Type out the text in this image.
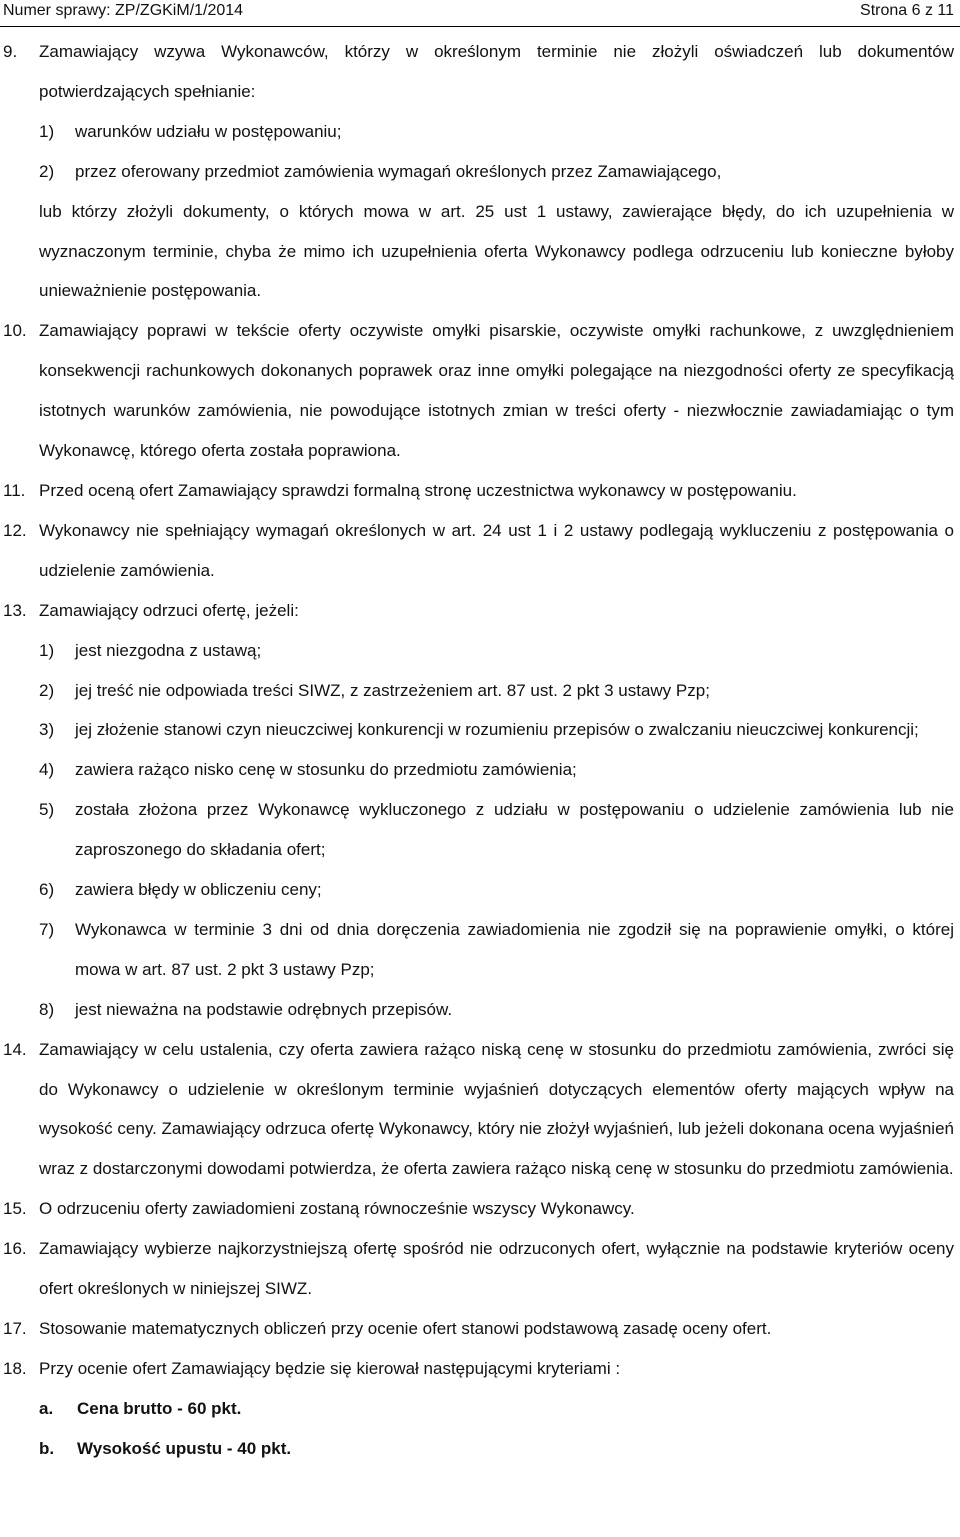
Numer sprawy: ZP/ZGKiM/1/2014	Strona 6 z 11
9. Zamawiający wzywa Wykonawców, którzy w określonym terminie nie złożyli oświadczeń lub dokumentów potwierdzających spełnianie:

1) warunków udziału w postępowaniu;

2) przez oferowany przedmiot zamówienia wymagań określonych przez Zamawiającego,

lub którzy złożyli dokumenty, o których mowa w art. 25 ust 1 ustawy, zawierające błędy, do ich uzupełnienia w wyznaczonym terminie, chyba że mimo ich uzupełnienia oferta Wykonawcy podlega odrzuceniu lub konieczne byłoby unieważnienie postępowania.

10. Zamawiający poprawi w tekście oferty oczywiste omyłki pisarskie, oczywiste omyłki rachunkowe, z uwzględnieniem konsekwencji rachunkowych dokonanych poprawek oraz inne omyłki polegające na niezgodności oferty ze specyfikacją istotnych warunków zamówienia, nie powodujące istotnych zmian w treści oferty - niezwłocznie zawiadamiając o tym Wykonawcę, którego oferta została poprawiona.

11. Przed oceną ofert Zamawiający sprawdzi formalną stronę uczestnictwa wykonawcy w postępowaniu.

12. Wykonawcy nie spełniający wymagań określonych w art. 24 ust 1 i 2 ustawy podlegają wykluczeniu z postępowania o udzielenie zamówienia.

13. Zamawiający odrzuci ofertę, jeżeli:

1) jest niezgodna z ustawą;

2) jej treść nie odpowiada treści SIWZ, z zastrzeżeniem art. 87 ust. 2 pkt 3 ustawy Pzp;

3) jej złożenie stanowi czyn nieuczciwej konkurencji w rozumieniu przepisów o zwalczaniu nieuczciwej konkurencji;

4) zawiera rażąco nisko cenę w stosunku do przedmiotu zamówienia;

5) została złożona przez Wykonawcę wykluczonego z udziału w postępowaniu o udzielenie zamówienia lub nie zaproszonego do składania ofert;

6) zawiera błędy w obliczeniu ceny;

7) Wykonawca w terminie 3 dni od dnia doręczenia zawiadomienia nie zgodził się na poprawienie omyłki, o której mowa w art. 87 ust. 2 pkt 3 ustawy Pzp;

8) jest nieważna na podstawie odrębnych przepisów.

14. Zamawiający w celu ustalenia, czy oferta zawiera rażąco niską cenę w stosunku do przedmiotu zamówienia, zwróci się do Wykonawcy o udzielenie w określonym terminie wyjaśnień dotyczących elementów oferty mających wpływ na wysokość ceny. Zamawiający odrzuca ofertę Wykonawcy, który nie złożył wyjaśnień, lub jeżeli dokonana ocena wyjaśnień wraz z dostarczonymi dowodami potwierdza, że oferta zawiera rażąco niską cenę w stosunku do przedmiotu zamówienia.

15. O odrzuceniu oferty zawiadomieni zostaną równocześnie wszyscy Wykonawcy.

16. Zamawiający wybierze najkorzystniejszą ofertę spośród nie odrzuconych ofert, wyłącznie na podstawie kryteriów oceny ofert określonych w niniejszej SIWZ.

17. Stosowanie matematycznych obliczeń przy ocenie ofert stanowi podstawową zasadę oceny ofert.

18. Przy ocenie ofert Zamawiający będzie się kierował następującymi kryteriami :

a.	Cena brutto - 60 pkt.

b.	Wysokość upustu - 40 pkt.
